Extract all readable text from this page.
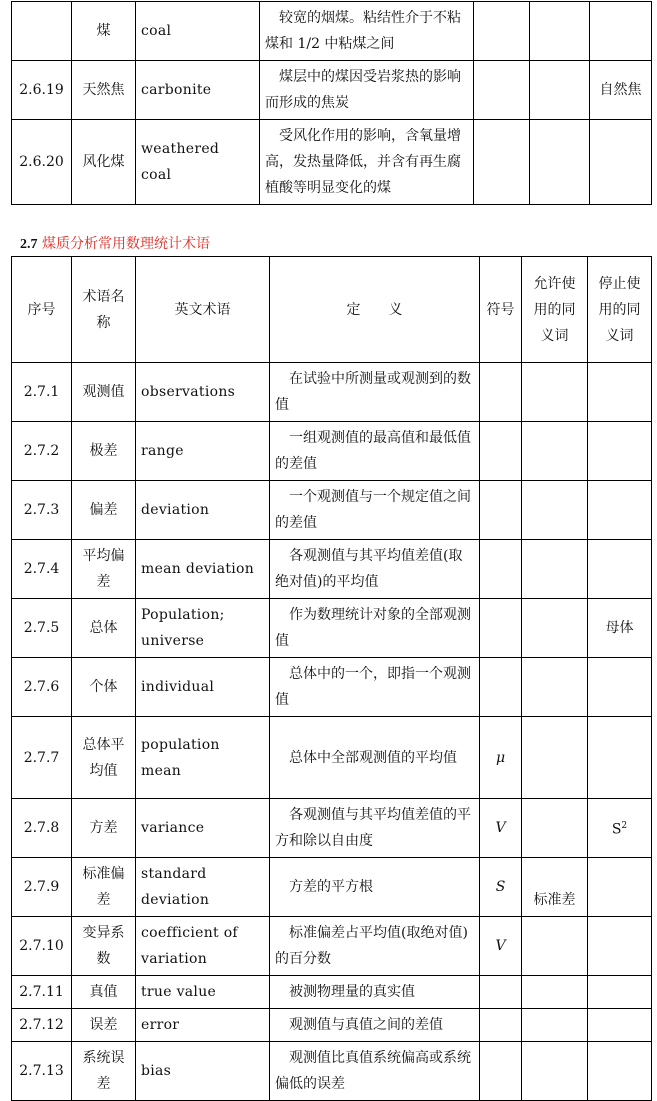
	煤	coal	较宽的烟煤。粘结性介于不粘煤和 1/2 中粘煤之间			
2.6.19	天然焦	carbonite	煤层中的煤因受岩浆热的影响而形成的焦炭			自然焦
2.6.20	风化煤	weathered coal	受风化作用的影响，含氧量增高，发热量降低，并含有再生腐植酸等明显变化的煤			
2.7 煤质分析常用数理统计术语
序号	术语名称	英文术语	定　　义	符号	允许使用的同义词	停止使用的同义词
2.7.1	观测值	observations	在试验中所测量或观测到的数值			
2.7.2	极差	range	一组观测值的最高值和最低值的差值			
2.7.3	偏差	deviation	一个观测值与一个规定值之间的差值			
2.7.4	平均偏差	mean deviation	各观测值与其平均值差值(取绝对值)的平均值			
2.7.5	总体	Population; universe	作为数理统计对象的全部观测值			母体
2.7.6	个体	individual	总体中的一个，即指一个观测值			
2.7.7	总体平均值	population mean	总体中全部观测值的平均值	μ		
2.7.8	方差	variance	各观测值与其平均值差值的平方和除以自由度	V		$S^2$
2.7.9	标准偏差	standard deviation	方差的平方根	S	标准差	
2.7.10	变异系数	coefficient of variation	标准偏差占平均值(取绝对值)的百分数	V		
2.7.11	真值	true value	被测物理量的真实值			
2.7.12	误差	error	观测值与真值之间的差值			
2.7.13	系统误差	bias	观测值比真值系统偏高或系统偏低的误差			
